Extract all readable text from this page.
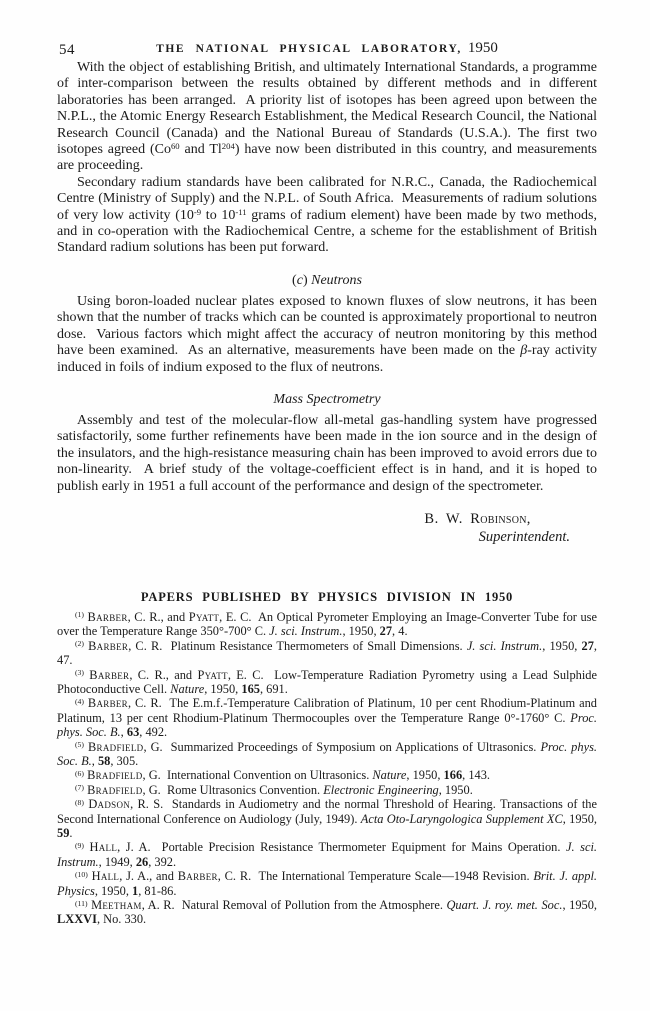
54	THE NATIONAL PHYSICAL LABORATORY, 1950

With the object of establishing British, and ultimately International Standards, a programme of inter-comparison between the results obtained by different methods and in different laboratories has been arranged.  A priority list of isotopes has been agreed upon between the N.P.L., the Atomic Energy Research Establishment, the Medical Research Council, the National Research Council (Canada) and the National Bureau of Standards (U.S.A.). The first two isotopes agreed (Co$^{60}$ and Tl$^{204}$) have now been distributed in this country, and measurements are proceeding.

Secondary radium standards have been calibrated for N.R.C., Canada, the Radiochemical Centre (Ministry of Supply) and the N.P.L. of South Africa.  Measurements of radium solutions of very low activity ($10^{-9}$ to $10^{-11}$ grams of radium element) have been made by two methods, and in co-operation with the Radiochemical Centre, a scheme for the establishment of British Standard radium solutions has been put forward.

(c) Neutrons

Using boron-loaded nuclear plates exposed to known fluxes of slow neutrons, it has been shown that the number of tracks which can be counted is approximately proportional to neutron dose.  Various factors which might affect the accuracy of neutron monitoring by this method have been examined.  As an alternative, measurements have been made on the β-ray activity induced in foils of indium exposed to the flux of neutrons.

Mass Spectrometry

Assembly and test of the molecular-flow all-metal gas-handling system have progressed satisfactorily, some further refinements have been made in the ion source and in the design of the insulators, and the high-resistance measuring chain has been improved to avoid errors due to non-linearity.  A brief study of the voltage-coefficient effect is in hand, and it is hoped to publish early in 1951 a full account of the performance and design of the spectrometer.

B. W. Robinson,
Superintendent.
PAPERS PUBLISHED BY PHYSICS DIVISION IN 1950

$^{(1)}$ Barber, C. R., and Pyatt, E. C.  An Optical Pyrometer Employing an Image-Converter Tube for use over the Temperature Range 350°-700° C. J. sci. Instrum., 1950, 27, 4.

$^{(2)}$ Barber, C. R.  Platinum Resistance Thermometers of Small Dimensions. J. sci. Instrum., 1950, 27, 47.

$^{(3)}$ Barber, C. R., and Pyatt, E. C.  Low-Temperature Radiation Pyrometry using a Lead Sulphide Photoconductive Cell. Nature, 1950, 165, 691.

$^{(4)}$ Barber, C. R.  The E.m.f.-Temperature Calibration of Platinum, 10 per cent Rhodium-Platinum and Platinum, 13 per cent Rhodium-Platinum Thermocouples over the Temperature Range 0°-1760° C. Proc. phys. Soc. B., 63, 492.

$^{(5)}$ Bradfield, G.  Summarized Proceedings of Symposium on Applications of Ultrasonics. Proc. phys. Soc. B., 58, 305.

$^{(6)}$ Bradfield, G.  International Convention on Ultrasonics. Nature, 1950, 166, 143.

$^{(7)}$ Bradfield, G.  Rome Ultrasonics Convention. Electronic Engineering, 1950.

$^{(8)}$ Dadson, R. S.  Standards in Audiometry and the normal Threshold of Hearing. Transactions of the Second International Conference on Audiology (July, 1949). Acta Oto-Laryngologica Supplement XC, 1950, 59.

$^{(9)}$ Hall, J. A.  Portable Precision Resistance Thermometer Equipment for Mains Operation. J. sci. Instrum., 1949, 26, 392.

$^{(10)}$ Hall, J. A., and Barber, C. R.  The International Temperature Scale—1948 Revision. Brit. J. appl. Physics, 1950, 1, 81-86.

$^{(11)}$ Meetham, A. R.  Natural Removal of Pollution from the Atmosphere. Quart. J. roy. met. Soc., 1950, LXXVI, No. 330.
